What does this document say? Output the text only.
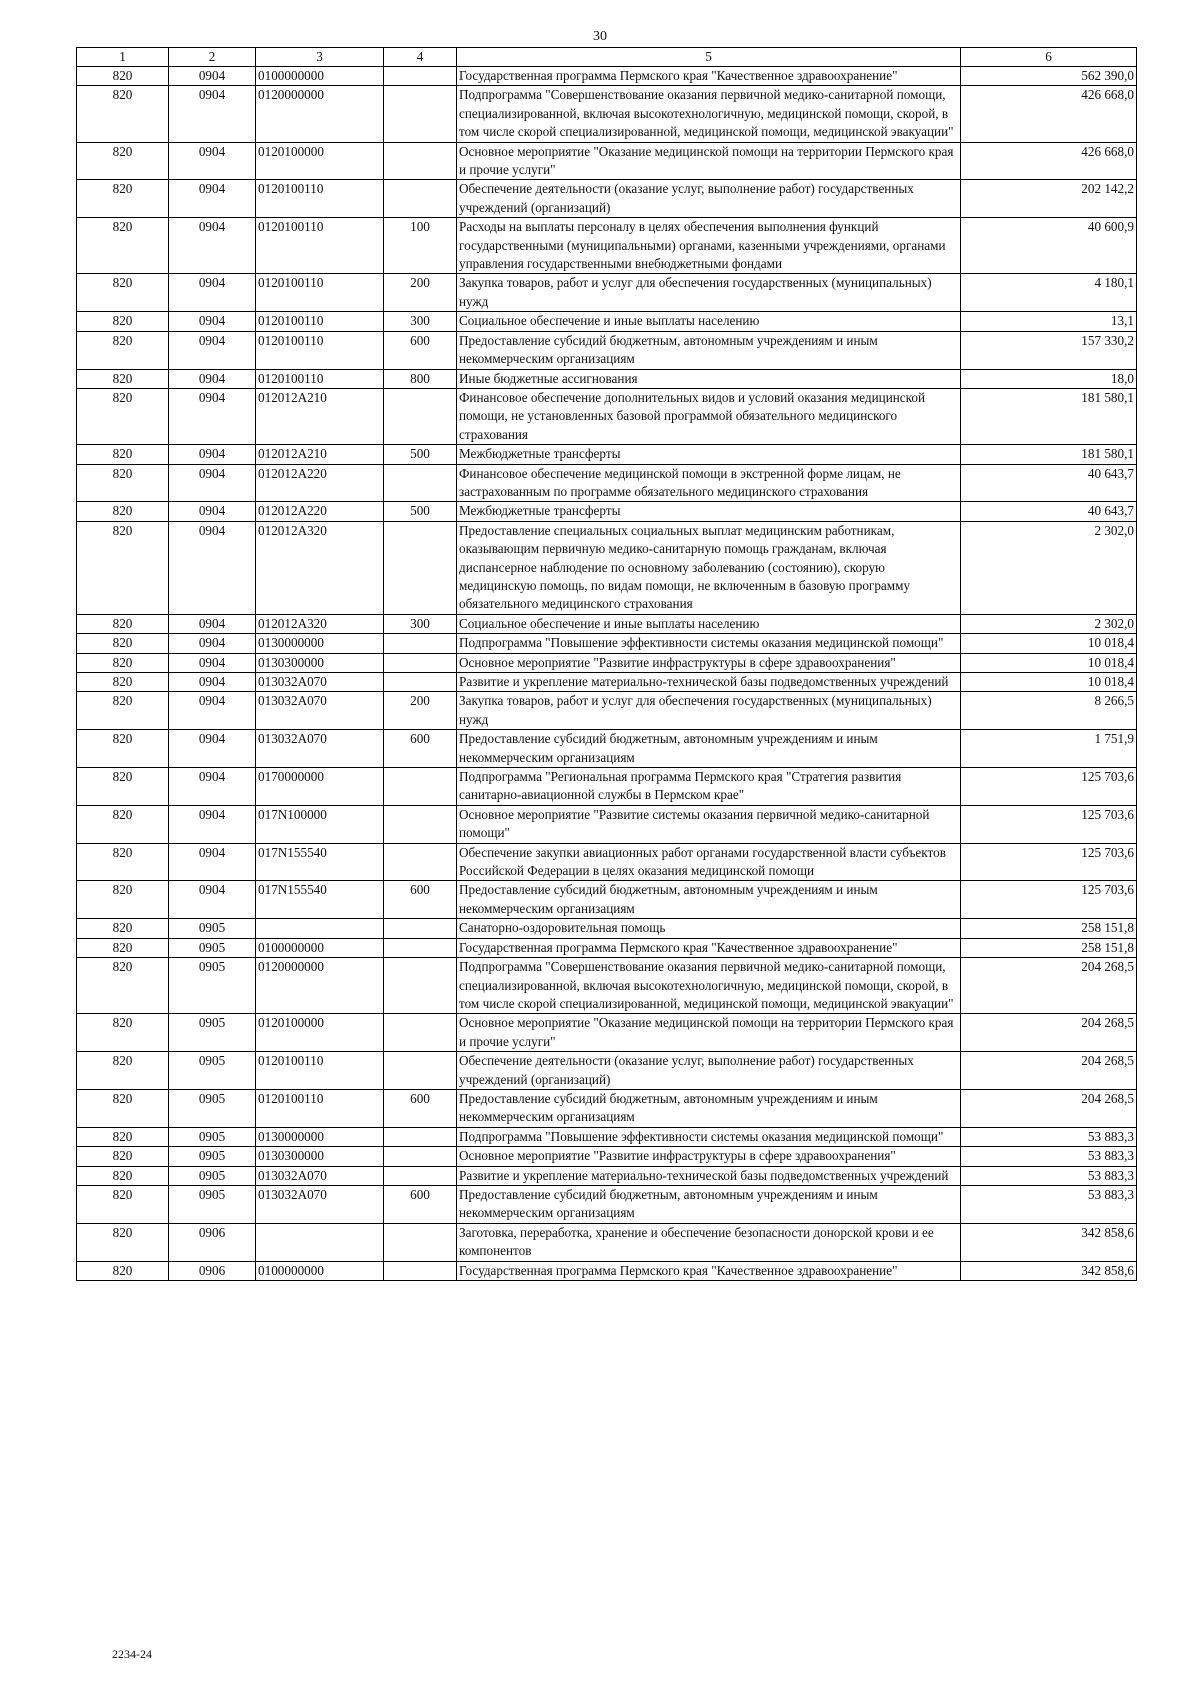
30
1	2	3	4	5	6
820	0904	0100000000		Государственная программа Пермского края "Качественное здравоохранение"	562 390,0
820	0904	0120000000		Подпрограмма "Совершенствование оказания первичной медико-санитарной помощи, специализированной, включая высокотехнологичную, медицинской помощи, скорой, в том числе скорой специализированной, медицинской помощи, медицинской эвакуации"	426 668,0
820	0904	0120100000		Основное мероприятие "Оказание медицинской помощи на территории Пермского края и прочие услуги"	426 668,0
820	0904	0120100110		Обеспечение деятельности (оказание услуг, выполнение работ) государственных учреждений (организаций)	202 142,2
820	0904	0120100110	100	Расходы на выплаты персоналу в целях обеспечения выполнения функций государственными (муниципальными) органами, казенными учреждениями, органами управления государственными внебюджетными фондами	40 600,9
820	0904	0120100110	200	Закупка товаров, работ и услуг для обеспечения государственных (муниципальных) нужд	4 180,1
820	0904	0120100110	300	Социальное обеспечение и иные выплаты населению	13,1
820	0904	0120100110	600	Предоставление субсидий бюджетным, автономным учреждениям и иным некоммерческим организациям	157 330,2
820	0904	0120100110	800	Иные бюджетные ассигнования	18,0
820	0904	012012А210		Финансовое обеспечение дополнительных видов и условий оказания медицинской помощи, не установленных базовой программой обязательного медицинского страхования	181 580,1
820	0904	012012А210	500	Межбюджетные трансферты	181 580,1
820	0904	012012А220		Финансовое обеспечение медицинской помощи в экстренной форме лицам, не застрахованным по программе обязательного медицинского страхования	40 643,7
820	0904	012012А220	500	Межбюджетные трансферты	40 643,7
820	0904	012012А320		Предоставление специальных социальных выплат медицинским работникам, оказывающим первичную медико-санитарную помощь гражданам, включая диспансерное наблюдение по основному заболеванию (состоянию), скорую медицинскую помощь, по видам помощи, не включенным в базовую программу обязательного медицинского страхования	2 302,0
820	0904	012012А320	300	Социальное обеспечение и иные выплаты населению	2 302,0
820	0904	0130000000		Подпрограмма "Повышение эффективности системы оказания медицинской помощи"	10 018,4
820	0904	0130300000		Основное мероприятие "Развитие инфраструктуры в сфере здравоохранения"	10 018,4
820	0904	013032А070		Развитие и укрепление материально-технической базы подведомственных учреждений	10 018,4
820	0904	013032А070	200	Закупка товаров, работ и услуг для обеспечения государственных (муниципальных) нужд	8 266,5
820	0904	013032А070	600	Предоставление субсидий бюджетным, автономным учреждениям и иным некоммерческим организациям	1 751,9
820	0904	0170000000		Подпрограмма "Региональная программа Пермского края "Стратегия развития санитарно-авиационной службы в Пермском крае"	125 703,6
820	0904	017N100000		Основное мероприятие "Развитие системы оказания первичной медико-санитарной помощи"	125 703,6
820	0904	017N155540		Обеспечение закупки авиационных работ органами государственной власти субъектов Российской Федерации в целях оказания медицинской помощи	125 703,6
820	0904	017N155540	600	Предоставление субсидий бюджетным, автономным учреждениям и иным некоммерческим организациям	125 703,6
820	0905			Санаторно-оздоровительная помощь	258 151,8
820	0905	0100000000		Государственная программа Пермского края "Качественное здравоохранение"	258 151,8
820	0905	0120000000		Подпрограмма "Совершенствование оказания первичной медико-санитарной помощи, специализированной, включая высокотехнологичную, медицинской помощи, скорой, в том числе скорой специализированной, медицинской помощи, медицинской эвакуации"	204 268,5
820	0905	0120100000		Основное мероприятие "Оказание медицинской помощи на территории Пермского края и прочие услуги"	204 268,5
820	0905	0120100110		Обеспечение деятельности (оказание услуг, выполнение работ) государственных учреждений (организаций)	204 268,5
820	0905	0120100110	600	Предоставление субсидий бюджетным, автономным учреждениям и иным некоммерческим организациям	204 268,5
820	0905	0130000000		Подпрограмма "Повышение эффективности системы оказания медицинской помощи"	53 883,3
820	0905	0130300000		Основное мероприятие "Развитие инфраструктуры в сфере здравоохранения"	53 883,3
820	0905	013032А070		Развитие и укрепление материально-технической базы подведомственных учреждений	53 883,3
820	0905	013032А070	600	Предоставление субсидий бюджетным, автономным учреждениям и иным некоммерческим организациям	53 883,3
820	0906			Заготовка, переработка, хранение и обеспечение безопасности донорской крови и ее компонентов	342 858,6
820	0906	0100000000		Государственная программа Пермского края "Качественное здравоохранение"	342 858,6
2234-24
